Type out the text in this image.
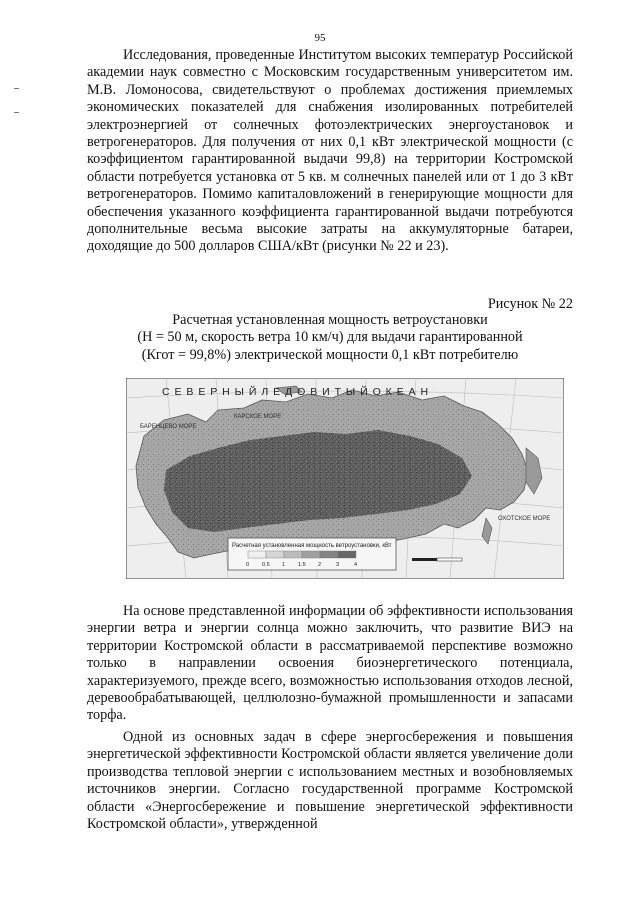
95

Исследования, проведенные Институтом высоких температур Российской академии наук совместно с Московским государственным университетом им. М.В. Ломоносова, свидетельствуют о проблемах достижения приемлемых экономических показателей для снабжения изолированных потребителей электроэнергией от солнечных фотоэлектрических энергоустановок и ветрогенераторов. Для получения от них 0,1 кВт электрической мощности (с коэффициентом гарантированной выдачи 99,8) на территории Костромской области потребуется установка от 5 кв. м солнечных панелей или от 1 до 3 кВт ветрогенераторов. Помимо капиталовложений в генерирующие мощности для обеспечения указанного коэффициента гарантированной выдачи потребуются дополнительные весьма высокие затраты на аккумуляторные батареи, доходящие до 500 долларов США/кВт (рисунки № 22 и 23).

Рисунок № 22
Расчетная установленная мощность ветроустановки
(H = 50 м, скорость ветра 10 км/ч) для выдачи гарантированной
(Кгот = 99,8%) электрической мощности 0,1 кВт потребителю
С Е В Е Р Н Ы Й Л Е Д О В И Т Ы Й О К Е А Н
БАРЕНЦЕВО МОРЕ
КАРСКОЕ МОРЕ
ОХОТСКОЕ МОРЕ
Расчетная установленная мощность ветроустановки, кВт
0 0.5 1 1.5 2	3	4

На основе представленной информации об эффективности использования энергии ветра и энергии солнца можно заключить, что развитие ВИЭ на территории Костромской области в рассматриваемой перспективе возможно только в направлении освоения биоэнергетического потенциала, характеризуемого, прежде всего, возможностью использования отходов лесной, деревообрабатывающей, целлюлозно-бумажной промышленности и запасами торфа.

Одной из основных задач в сфере энергосбережения и повышения энергетической эффективности Костромской области является увеличение доли производства тепловой энергии с использованием местных и возобновляемых источников энергии. Согласно государственной программе Костромской области «Энергосбережение и повышение энергетической эффективности Костромской области», утвержденной
